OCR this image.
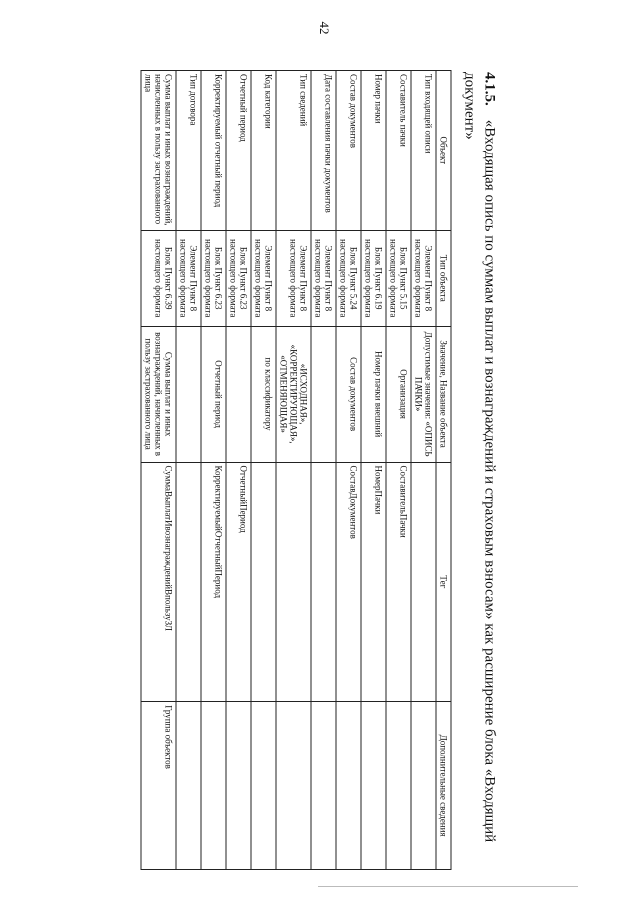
42
4.1.5.«Входящая опись по суммам выплат и вознаграждений и страховым взносам» как расширение блока «Входящий документ»
Объект	Тип объекта	Значение, Название объекта	Тег	Дополнительные сведения
Тип входящей описи	Элемент Пункт 8 настоящего формата	Допустимые значения: «ОПИСЬ ПАЧКИ»		
Составитель пачки	Блок Пункт 5.15 настоящего формата	Организация	СоставительПачки	
Номер пачки	Блок Пункт 6.19 настоящего формата	Номер пачки внешний	НомерПачки	
Состав документов	Блок Пункт 5.24 настоящего формата	Состав документов	СоставДокументов	
Дата составления пачки документов	Элемент Пункт 8 настоящего формата			
Тип сведений	Элемент Пункт 8 настоящего формата	«ИСХОДНАЯ», «КОРРЕКТИРУЮЩАЯ», «ОТМЕНЯЮЩАЯ»		
Код категории	Элемент Пункт 8 настоящего формата	по классификатору		
Отчетный период	Блок Пункт 6.23 настоящего формата		ОтчетныйПериод	
Корректируемый отчетный период	Блок Пункт 6.23 настоящего формата	Отчетный период	КорректируемыйОтчетныйПериод	
Тип договора	Элемент Пункт 8 настоящего формата			
Сумма выплат и иных вознаграждений, начисленных в пользу застрахованного лица	Блок Пункт 6.39 настоящего формата	Сумма выплат и иных вознаграждений, начисленных в пользу застрахованного лица	СуммаВыплатИвознагражденийВпользуЗЛ	Группа объектов
